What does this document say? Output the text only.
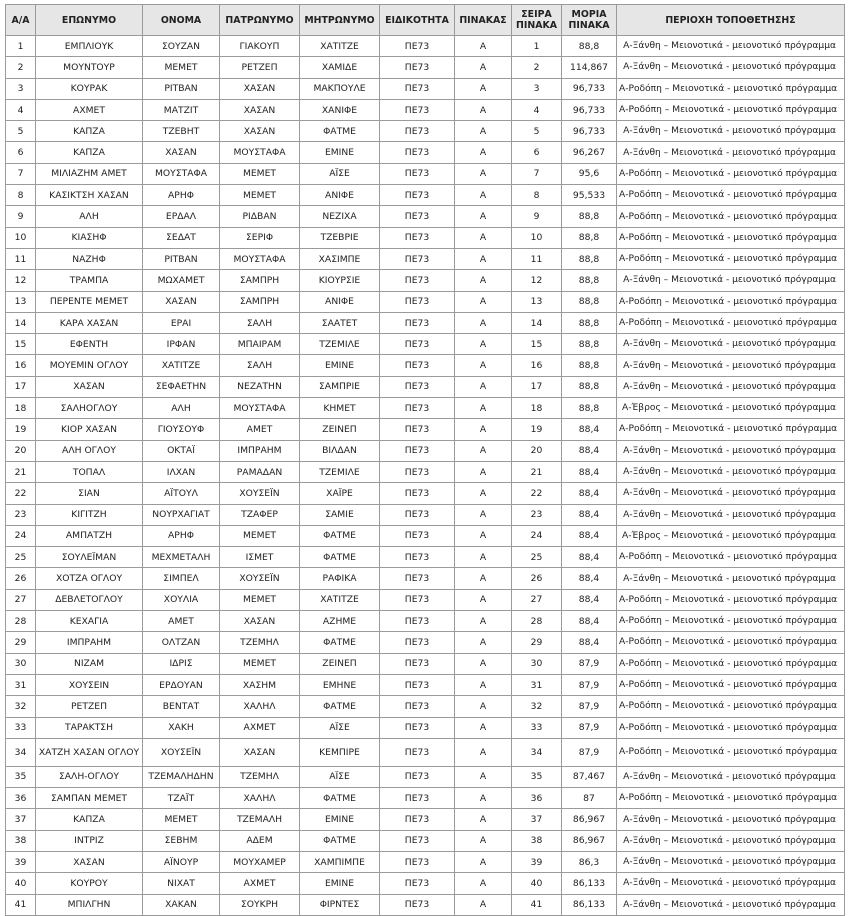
Α/Α	ΕΠΩΝΥΜΟ	ΟΝΟΜΑ	ΠΑΤΡΩΝΥΜΟ	ΜΗΤΡΩΝΥΜΟ	ΕΙΔΙΚΟΤΗΤΑ	ΠΙΝΑΚΑΣ	ΣΕΙΡΑ ΠΙΝΑΚΑ	ΜΟΡΙΑ ΠΙΝΑΚΑ	ΠΕΡΙΟΧΗ ΤΟΠΟΘΕΤΗΣΗΣ
1	ΕΜΠΛΙΟΥΚ	ΣΟΥΖΑΝ	ΓΙΑΚΟΥΠ	ΧΑΤΙΤΖΕ	ΠΕ73	Α	1	88,8	Α-Ξάνθη – Μειονοτικά - μειονοτικό πρόγραμμα
2	ΜΟΥΝΤΟΥΡ	ΜΕΜΕΤ	ΡΕΤΖΕΠ	ΧΑΜΙΔΕ	ΠΕ73	Α	2	114,867	Α-Ξάνθη – Μειονοτικά - μειονοτικό πρόγραμμα
3	ΚΟΥΡΑΚ	ΡΙΤΒΑΝ	ΧΑΣΑΝ	ΜΑΚΠΟΥΛΕ	ΠΕ73	Α	3	96,733	Α-Ροδόπη – Μειονοτικά - μειονοτικό πρόγραμμα
4	ΑΧΜΕΤ	ΜΑΤΖΙΤ	ΧΑΣΑΝ	ΧΑΝΙΦΕ	ΠΕ73	Α	4	96,733	Α-Ροδόπη – Μειονοτικά - μειονοτικό πρόγραμμα
5	ΚΑΠΖΑ	ΤΖΕΒΗΤ	ΧΑΣΑΝ	ΦΑΤΜΕ	ΠΕ73	Α	5	96,733	Α-Ξάνθη – Μειονοτικά - μειονοτικό πρόγραμμα
6	ΚΑΠΖΑ	ΧΑΣΑΝ	ΜΟΥΣΤΑΦΑ	ΕΜΙΝΕ	ΠΕ73	Α	6	96,267	Α-Ξάνθη – Μειονοτικά - μειονοτικό πρόγραμμα
7	ΜΙΛΙΑΖΗΜ ΑΜΕΤ	ΜΟΥΣΤΑΦΑ	ΜΕΜΕΤ	ΑΪΣΕ	ΠΕ73	Α	7	95,6	Α-Ροδόπη – Μειονοτικά - μειονοτικό πρόγραμμα
8	ΚΑΣΙΚΤΣΗ ΧΑΣΑΝ	ΑΡΗΦ	ΜΕΜΕΤ	ΑΝΙΦΕ	ΠΕ73	Α	8	95,533	Α-Ροδόπη – Μειονοτικά - μειονοτικό πρόγραμμα
9	ΑΛΗ	ΕΡΔΑΛ	ΡΙΔΒΑΝ	ΝΕΖΙΧΑ	ΠΕ73	Α	9	88,8	Α-Ροδόπη – Μειονοτικά - μειονοτικό πρόγραμμα
10	ΚΙΑΣΗΦ	ΣΕΔΑΤ	ΣΕΡΙΦ	ΤΖΕΒΡΙΕ	ΠΕ73	Α	10	88,8	Α-Ροδόπη – Μειονοτικά - μειονοτικό πρόγραμμα
11	ΝΑΖΗΦ	ΡΙΤΒΑΝ	ΜΟΥΣΤΑΦΑ	ΧΑΣΙΜΠΕ	ΠΕ73	Α	11	88,8	Α-Ροδόπη – Μειονοτικά - μειονοτικό πρόγραμμα
12	ΤΡΑΜΠΑ	ΜΩΧΑΜΕΤ	ΣΑΜΠΡΗ	ΚΙΟΥΡΣΙΕ	ΠΕ73	Α	12	88,8	Α-Ξάνθη – Μειονοτικά - μειονοτικό πρόγραμμα
13	ΠΕΡΕΝΤΕ ΜΕΜΕΤ	ΧΑΣΑΝ	ΣΑΜΠΡΗ	ΑΝΙΦΕ	ΠΕ73	Α	13	88,8	Α-Ροδόπη – Μειονοτικά - μειονοτικό πρόγραμμα
14	ΚΑΡΑ ΧΑΣΑΝ	ΕΡΑΙ	ΣΑΛΗ	ΣΑΑΤΕΤ	ΠΕ73	Α	14	88,8	Α-Ροδόπη – Μειονοτικά - μειονοτικό πρόγραμμα
15	ΕΦΕΝΤΗ	ΙΡΦΑΝ	ΜΠΑΙΡΑΜ	ΤΖΕΜΙΛΕ	ΠΕ73	Α	15	88,8	Α-Ξάνθη – Μειονοτικά - μειονοτικό πρόγραμμα
16	ΜΟΥΕΜΙΝ ΟΓΛΟΥ	ΧΑΤΙΤΖΕ	ΣΑΛΗ	ΕΜΙΝΕ	ΠΕ73	Α	16	88,8	Α-Ξάνθη – Μειονοτικά - μειονοτικό πρόγραμμα
17	ΧΑΣΑΝ	ΣΕΦΑΕΤΗΝ	ΝΕΖΑΤΗΝ	ΣΑΜΠΡΙΕ	ΠΕ73	Α	17	88,8	Α-Ξάνθη – Μειονοτικά - μειονοτικό πρόγραμμα
18	ΣΑΛΗΟΓΛΟΥ	ΑΛΗ	ΜΟΥΣΤΑΦΑ	ΚΗΜΕΤ	ΠΕ73	Α	18	88,8	Α-Έβρος – Μειονοτικά - μειονοτικό πρόγραμμα
19	ΚΙΟΡ ΧΑΣΑΝ	ΓΙΟΥΣΟΥΦ	ΑΜΕΤ	ΖΕΙΝΕΠ	ΠΕ73	Α	19	88,4	Α-Ροδόπη – Μειονοτικά - μειονοτικό πρόγραμμα
20	ΑΛΗ ΟΓΛΟΥ	ΟΚΤΑΪ	ΙΜΠΡΑΗΜ	ΒΙΛΔΑΝ	ΠΕ73	Α	20	88,4	Α-Ξάνθη – Μειονοτικά - μειονοτικό πρόγραμμα
21	ΤΟΠΑΛ	ΙΛΧΑΝ	ΡΑΜΑΔΑΝ	ΤΖΕΜΙΛΕ	ΠΕ73	Α	21	88,4	Α-Ξάνθη – Μειονοτικά - μειονοτικό πρόγραμμα
22	ΣΙΑΝ	ΑΪΤΟΥΛ	ΧΟΥΣΕΪΝ	ΧΑΪΡΕ	ΠΕ73	Α	22	88,4	Α-Ξάνθη – Μειονοτικά - μειονοτικό πρόγραμμα
23	ΚΙΓΙΤΖΗ	ΝΟΥΡΧΑΓΙΑΤ	ΤΖΑΦΕΡ	ΣΑΜΙΕ	ΠΕ73	Α	23	88,4	Α-Ξάνθη – Μειονοτικά - μειονοτικό πρόγραμμα
24	ΑΜΠΑΤΖΗ	ΑΡΗΦ	ΜΕΜΕΤ	ΦΑΤΜΕ	ΠΕ73	Α	24	88,4	Α-Έβρος – Μειονοτικά - μειονοτικό πρόγραμμα
25	ΣΟΥΛΕΪΜΑΝ	ΜΕΧΜΕΤΑΛΗ	ΙΣΜΕΤ	ΦΑΤΜΕ	ΠΕ73	Α	25	88,4	Α-Ροδόπη – Μειονοτικά - μειονοτικό πρόγραμμα
26	ΧΟΤΖΑ ΟΓΛΟΥ	ΣΙΜΠΕΛ	ΧΟΥΣΕΪΝ	ΡΑΦΙΚΑ	ΠΕ73	Α	26	88,4	Α-Ξάνθη – Μειονοτικά - μειονοτικό πρόγραμμα
27	ΔΕΒΛΕΤΟΓΛΟΥ	ΧΟΥΛΙΑ	ΜΕΜΕΤ	ΧΑΤΙΤΖΕ	ΠΕ73	Α	27	88,4	Α-Ροδόπη – Μειονοτικά - μειονοτικό πρόγραμμα
28	ΚΕΧΑΓΙΑ	ΑΜΕΤ	ΧΑΣΑΝ	ΑΖΗΜΕ	ΠΕ73	Α	28	88,4	Α-Ροδόπη – Μειονοτικά - μειονοτικό πρόγραμμα
29	ΙΜΠΡΑΗΜ	ΟΛΤΖΑΝ	ΤΖΕΜΗΛ	ΦΑΤΜΕ	ΠΕ73	Α	29	88,4	Α-Ροδόπη – Μειονοτικά - μειονοτικό πρόγραμμα
30	ΝΙΖΑΜ	ΙΔΡΙΣ	ΜΕΜΕΤ	ΖΕΙΝΕΠ	ΠΕ73	Α	30	87,9	Α-Ροδόπη – Μειονοτικά - μειονοτικό πρόγραμμα
31	ΧΟΥΣΕΙΝ	ΕΡΔΟΥΑΝ	ΧΑΣΗΜ	ΕΜΗΝΕ	ΠΕ73	Α	31	87,9	Α-Ροδόπη – Μειονοτικά - μειονοτικό πρόγραμμα
32	ΡΕΤΖΕΠ	ΒΕΝΤΑΤ	ΧΑΛΗΛ	ΦΑΤΜΕ	ΠΕ73	Α	32	87,9	Α-Ροδόπη – Μειονοτικά - μειονοτικό πρόγραμμα
33	ΤΑΡΑΚΤΣΗ	ΧΑΚΗ	ΑΧΜΕΤ	ΑΪΣΕ	ΠΕ73	Α	33	87,9	Α-Ροδόπη – Μειονοτικά - μειονοτικό πρόγραμμα
34	ΧΑΤΖΗ ΧΑΣΑΝ ΟΓΛΟΥ	ΧΟΥΣΕΪΝ	ΧΑΣΑΝ	ΚΕΜΠΙΡΕ	ΠΕ73	Α	34	87,9	Α-Ροδόπη – Μειονοτικά - μειονοτικό πρόγραμμα
35	ΣΑΛΗ-ΟΓΛΟΥ	ΤΖΕΜΑΛΗΔΗΝ	ΤΖΕΜΗΛ	ΑΪΣΕ	ΠΕ73	Α	35	87,467	Α-Ξάνθη – Μειονοτικά - μειονοτικό πρόγραμμα
36	ΣΑΜΠΑΝ ΜΕΜΕΤ	ΤΖΑΪΤ	ΧΑΛΗΛ	ΦΑΤΜΕ	ΠΕ73	Α	36	87	Α-Ροδόπη – Μειονοτικά - μειονοτικό πρόγραμμα
37	ΚΑΠΖΑ	ΜΕΜΕΤ	ΤΖΕΜΑΛΗ	ΕΜΙΝΕ	ΠΕ73	Α	37	86,967	Α-Ξάνθη – Μειονοτικά - μειονοτικό πρόγραμμα
38	ΙΝΤΡΙΖ	ΣΕΒΗΜ	ΑΔΕΜ	ΦΑΤΜΕ	ΠΕ73	Α	38	86,967	Α-Ξάνθη – Μειονοτικά - μειονοτικό πρόγραμμα
39	ΧΑΣΑΝ	ΑΪΝΟΥΡ	ΜΟΥΧΑΜΕΡ	ΧΑΜΠΙΜΠΕ	ΠΕ73	Α	39	86,3	Α-Ξάνθη – Μειονοτικά - μειονοτικό πρόγραμμα
40	ΚΟΥΡΟΥ	ΝΙΧΑΤ	ΑΧΜΕΤ	ΕΜΙΝΕ	ΠΕ73	Α	40	86,133	Α-Ξάνθη – Μειονοτικά - μειονοτικό πρόγραμμα
41	ΜΠΙΛΓΗΝ	ΧΑΚΑΝ	ΣΟΥΚΡΗ	ΦΙΡΝΤΕΣ	ΠΕ73	Α	41	86,133	Α-Ξάνθη – Μειονοτικά - μειονοτικό πρόγραμμα
